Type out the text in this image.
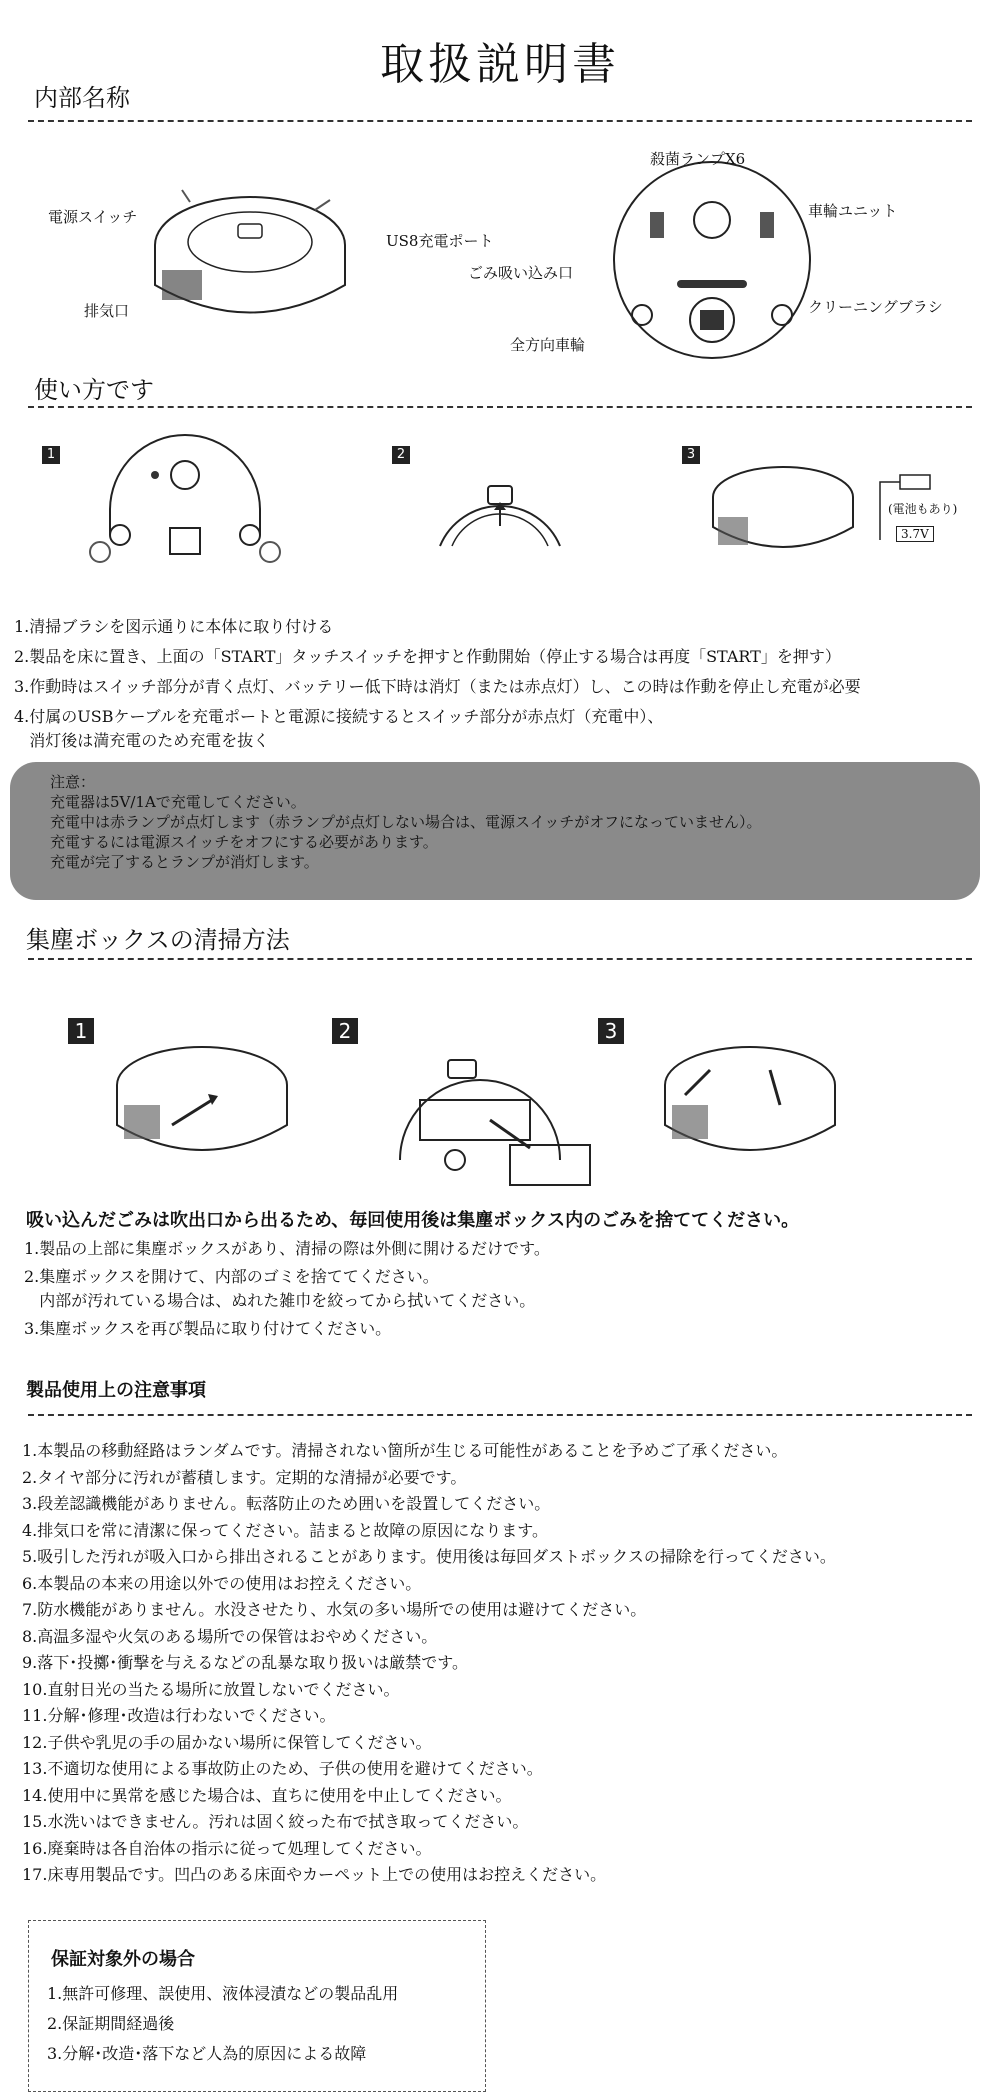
取扱説明書
内部名称
電源スイッチ
US8充電ポート
排気口
殺菌ランプX6
車輪ユニット
ごみ吸い込み口
クリーニングブラシ
全方向車輪
使い方です
1	2	3
(電池もあり)
3.7V
1.清掃ブラシを図示通りに本体に取り付ける
2.製品を床に置き、上面の「START」タッチスイッチを押すと作動開始（停止する場合は再度「START」を押す）
3.作動時はスイッチ部分が青く点灯、バッテリー低下時は消灯（または赤点灯）し、この時は作動を停止し充電が必要
4.付属のUSBケーブルを充電ポートと電源に接続するとスイッチ部分が赤点灯（充電中）、
消灯後は満充電のため充電を抜く
注意：
充電器は5V/1Aで充電してください。
充電中は赤ランプが点灯します（赤ランプが点灯しない場合は、電源スイッチがオフになっていません）。
充電するには電源スイッチをオフにする必要があります。
充電が完了するとランプが消灯します。
集塵ボックスの清掃方法
1	2	3
吸い込んだごみは吹出口から出るため、毎回使用後は集塵ボックス内のごみを捨ててください。
1.製品の上部に集塵ボックスがあり、清掃の際は外側に開けるだけです。
2.集塵ボックスを開けて、内部のゴミを捨ててください。
内部が汚れている場合は、ぬれた雑巾を絞ってから拭いてください。
3.集塵ボックスを再び製品に取り付けてください。
製品使用上の注意事項
1.本製品の移動経路はランダムです。清掃されない箇所が生じる可能性があることを予めご了承ください。
2.タイヤ部分に汚れが蓄積します。定期的な清掃が必要です。
3.段差認識機能がありません。転落防止のため囲いを設置してください。
4.排気口を常に清潔に保ってください。詰まると故障の原因になります。
5.吸引した汚れが吸入口から排出されることがあります。使用後は毎回ダストボックスの掃除を行ってください。
6.本製品の本来の用途以外での使用はお控えください。
7.防水機能がありません。水没させたり、水気の多い場所での使用は避けてください。
8.高温多湿や火気のある場所での保管はおやめください。
9.落下･投擲･衝撃を与えるなどの乱暴な取り扱いは厳禁です。
10.直射日光の当たる場所に放置しないでください。
11.分解･修理･改造は行わないでください。
12.子供や乳児の手の届かない場所に保管してください。
13.不適切な使用による事故防止のため、子供の使用を避けてください。
14.使用中に異常を感じた場合は、直ちに使用を中止してください。
15.水洗いはできません。汚れは固く絞った布で拭き取ってください。
16.廃棄時は各自治体の指示に従って処理してください。
17.床専用製品です。凹凸のある床面やカーペット上での使用はお控えください。
保証対象外の場合
1.無許可修理、誤使用、液体浸漬などの製品乱用
2.保証期間経過後
3.分解･改造･落下など人為的原因による故障
